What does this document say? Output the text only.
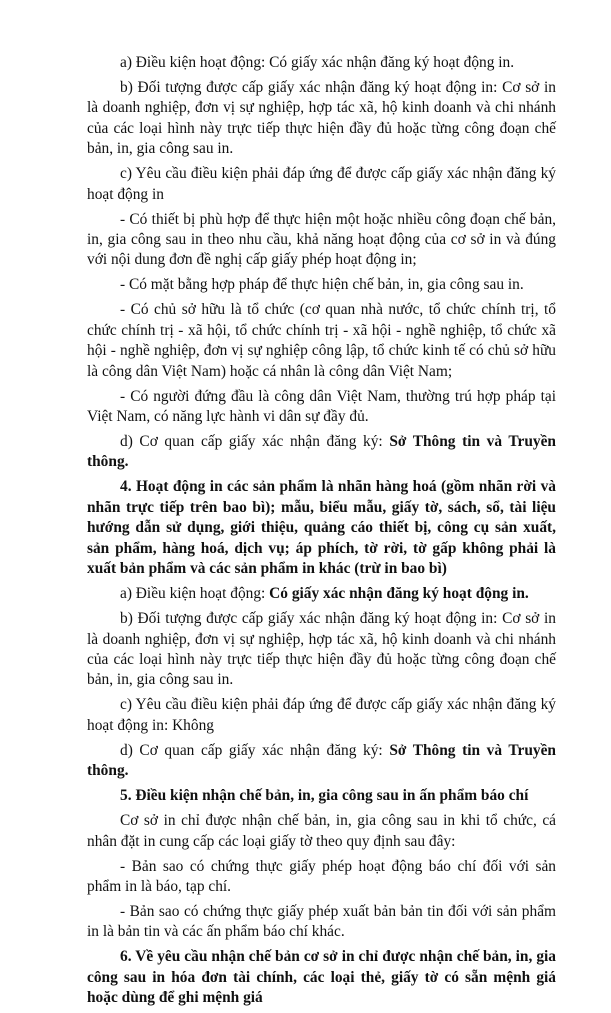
a) Điều kiện hoạt động: Có giấy xác nhận đăng ký hoạt động in.

b) Đối tượng được cấp giấy xác nhận đăng ký hoạt động in: Cơ sở in là doanh nghiệp, đơn vị sự nghiệp, hợp tác xã, hộ kinh doanh và chi nhánh của các loại hình này trực tiếp thực hiện đầy đủ hoặc từng công đoạn chế bản, in, gia công sau in.

c) Yêu cầu điều kiện phải đáp ứng để được cấp giấy xác nhận đăng ký hoạt động in

- Có thiết bị phù hợp để thực hiện một hoặc nhiều công đoạn chế bản, in, gia công sau in theo nhu cầu, khả năng hoạt động của cơ sở in và đúng với nội dung đơn đề nghị cấp giấy phép hoạt động in;

- Có mặt bằng hợp pháp để thực hiện chế bản, in, gia công sau in.

- Có chủ sở hữu là tổ chức (cơ quan nhà nước, tổ chức chính trị, tổ chức chính trị - xã hội, tổ chức chính trị - xã hội - nghề nghiệp, tổ chức xã hội - nghề nghiệp, đơn vị sự nghiệp công lập, tổ chức kinh tế có chủ sở hữu là công dân Việt Nam) hoặc cá nhân là công dân Việt Nam;

- Có người đứng đầu là công dân Việt Nam, thường trú hợp pháp tại Việt Nam, có năng lực hành vi dân sự đầy đủ.

d) Cơ quan cấp giấy xác nhận đăng ký: Sở Thông tin và Truyền thông.

4. Hoạt động in các sản phẩm là nhãn hàng hoá (gồm nhãn rời và nhãn trực tiếp trên bao bì); mẫu, biểu mẫu, giấy tờ, sách, sổ, tài liệu hướng dẫn sử dụng, giới thiệu, quảng cáo thiết bị, công cụ sản xuất, sản phẩm, hàng hoá, dịch vụ; áp phích, tờ rời, tờ gấp không phải là xuất bản phẩm và các sản phẩm in khác (trừ in bao bì)

a) Điều kiện hoạt động: Có giấy xác nhận đăng ký hoạt động in.

b) Đối tượng được cấp giấy xác nhận đăng ký hoạt động in: Cơ sở in là doanh nghiệp, đơn vị sự nghiệp, hợp tác xã, hộ kinh doanh và chi nhánh của các loại hình này trực tiếp thực hiện đầy đủ hoặc từng công đoạn chế bản, in, gia công sau in.

c) Yêu cầu điều kiện phải đáp ứng để được cấp giấy xác nhận đăng ký hoạt động in: Không

d) Cơ quan cấp giấy xác nhận đăng ký: Sở Thông tin và Truyền thông.

5. Điều kiện nhận chế bản, in, gia công sau in ấn phẩm báo chí

Cơ sở in chỉ được nhận chế bản, in, gia công sau in khi tổ chức, cá nhân đặt in cung cấp các loại giấy tờ theo quy định sau đây:

- Bản sao có chứng thực giấy phép hoạt động báo chí đối với sản phẩm in là báo, tạp chí.

- Bản sao có chứng thực giấy phép xuất bản bản tin đối với sản phẩm in là bản tin và các ấn phẩm báo chí khác.

6. Về yêu cầu nhận chế bản cơ sở in chỉ được nhận chế bản, in, gia công sau in hóa đơn tài chính, các loại thẻ, giấy tờ có sẵn mệnh giá hoặc dùng để ghi mệnh giá
